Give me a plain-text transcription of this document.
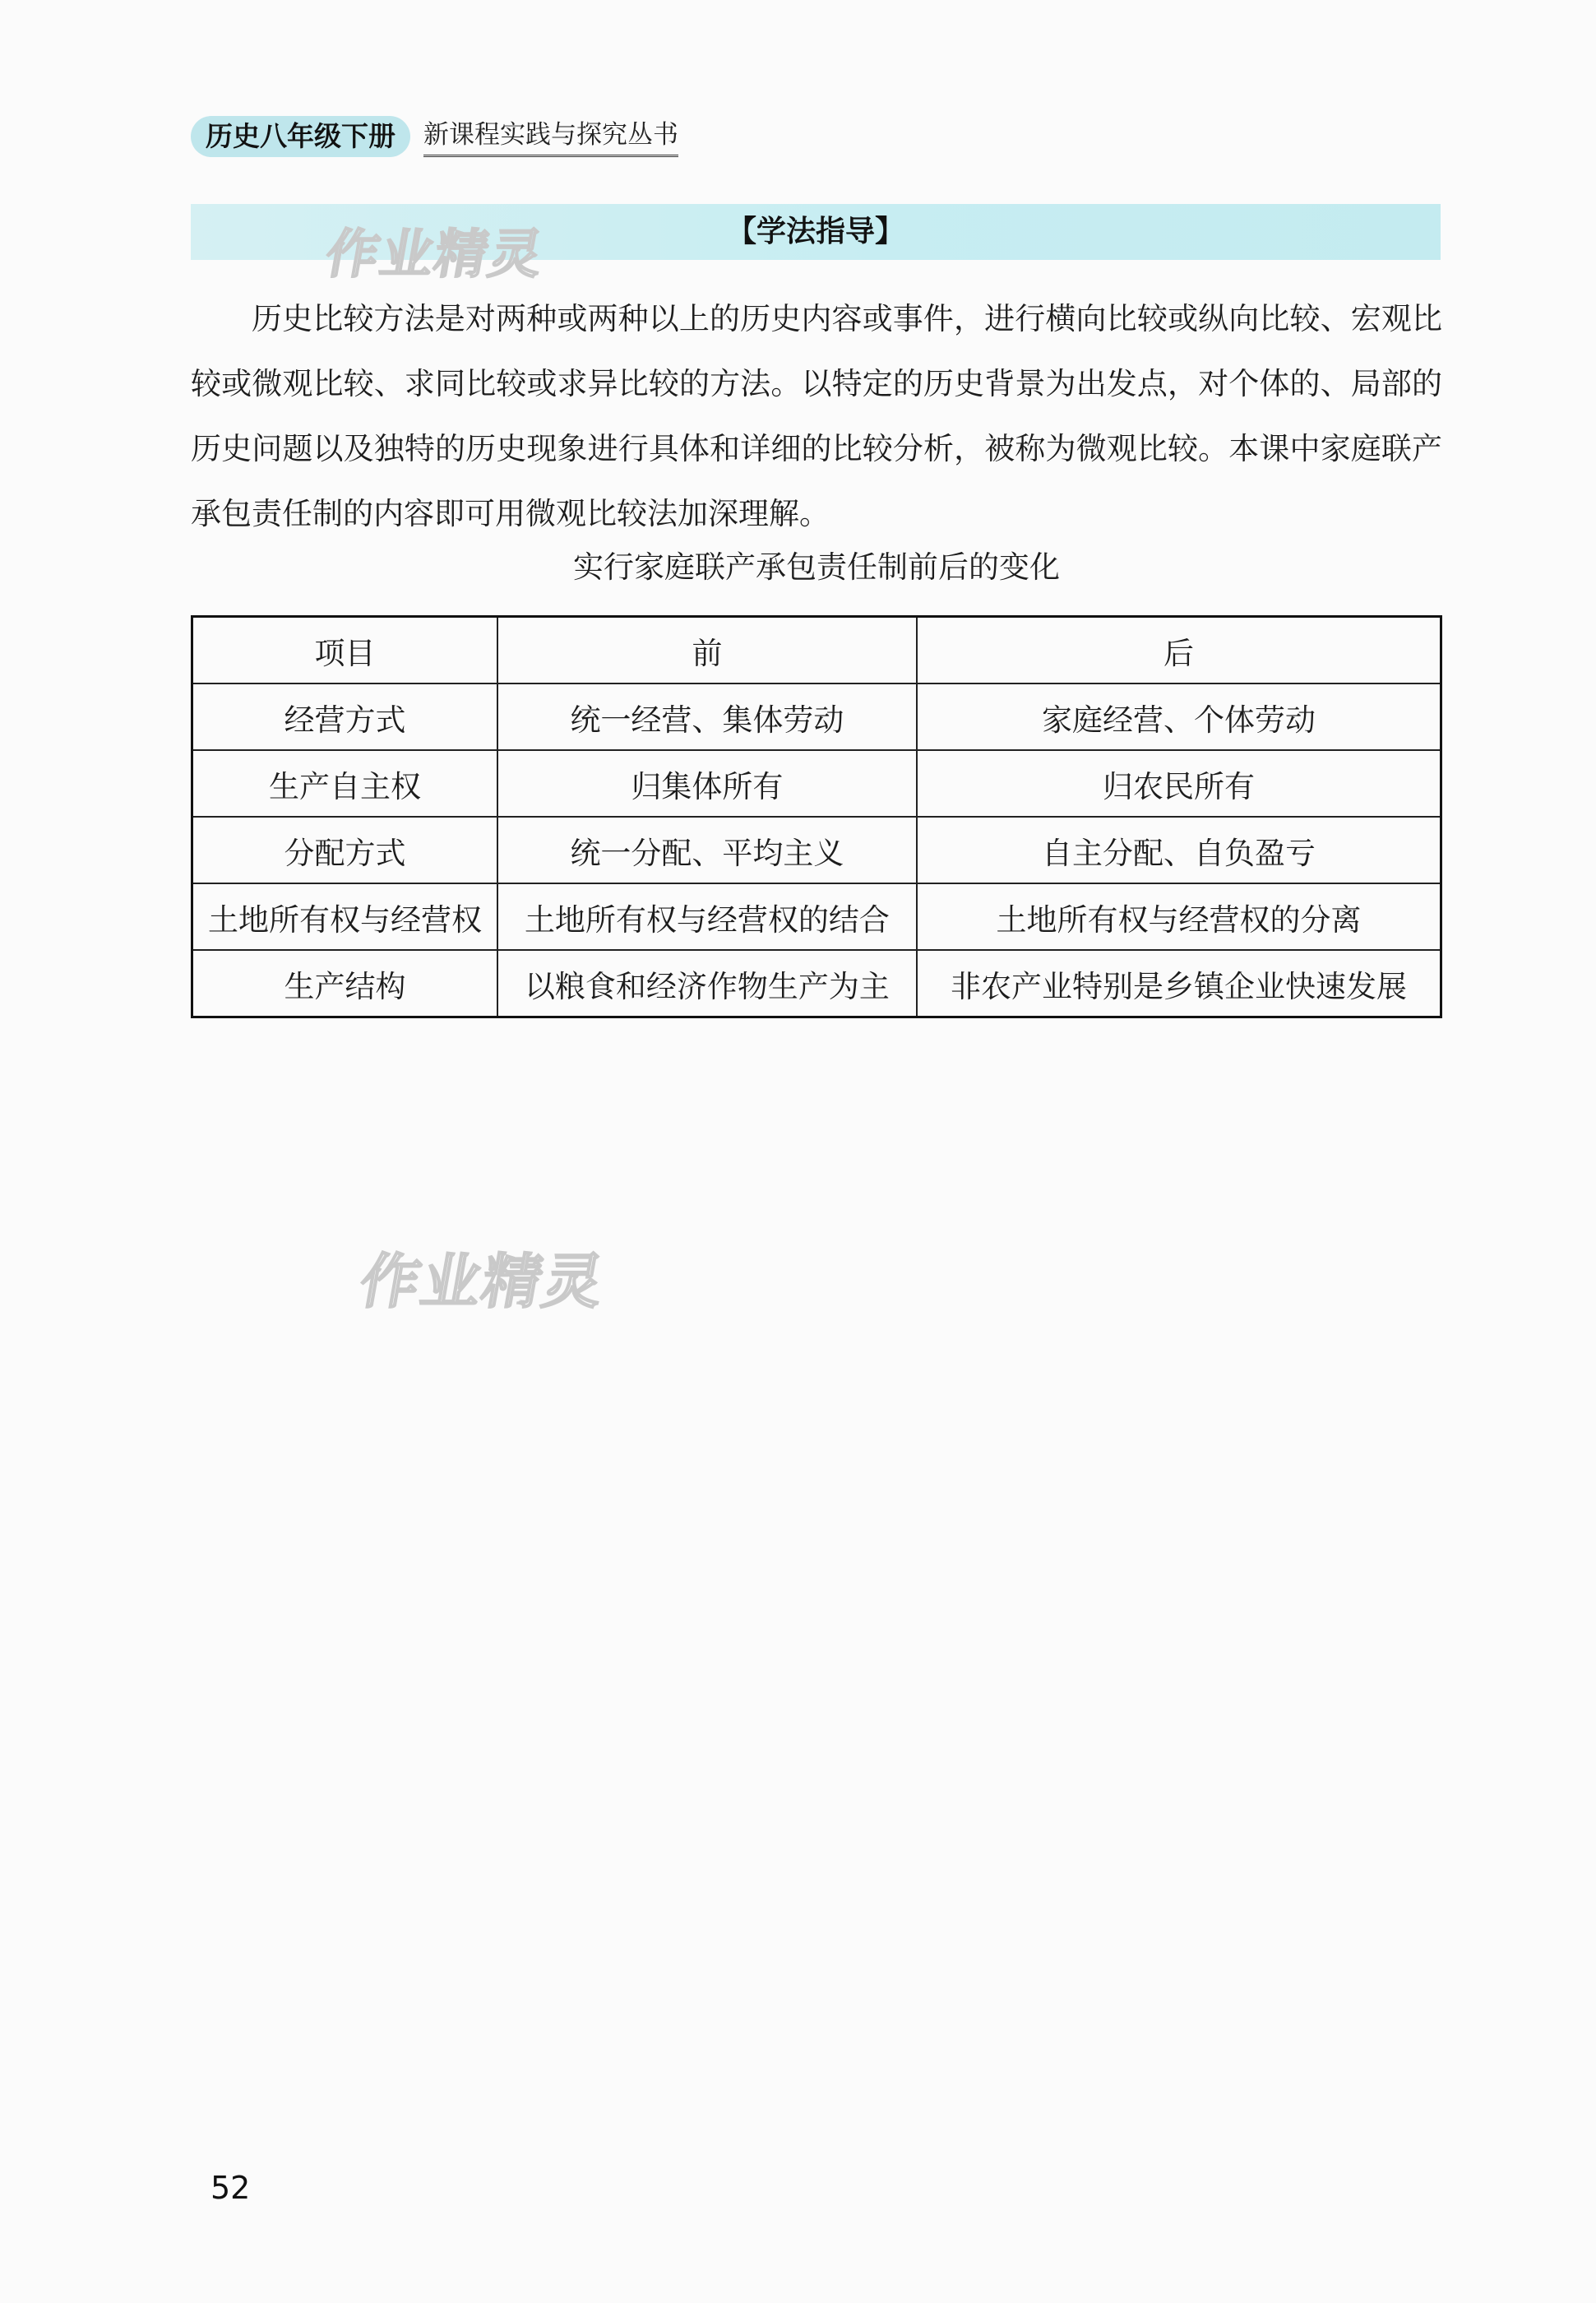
历史八年级下册	新课程实践与探究丛书
【学法指导】
作业精灵
作业精灵

历史比较方法是对两种或两种以上的历史内容或事件，进行横向比较或纵向比较、宏观比较或微观比较、求同比较或求异比较的方法。以特定的历史背景为出发点，对个体的、局部的历史问题以及独特的历史现象进行具体和详细的比较分析，被称为微观比较。本课中家庭联产承包责任制的内容即可用微观比较法加深理解。

实行家庭联产承包责任制前后的变化
项目	前	后
经营方式	统一经营、集体劳动	家庭经营、个体劳动
生产自主权	归集体所有	归农民所有
分配方式	统一分配、平均主义	自主分配、自负盈亏
土地所有权与经营权	土地所有权与经营权的结合	土地所有权与经营权的分离
生产结构	以粮食和经济作物生产为主	非农产业特别是乡镇企业快速发展
52
